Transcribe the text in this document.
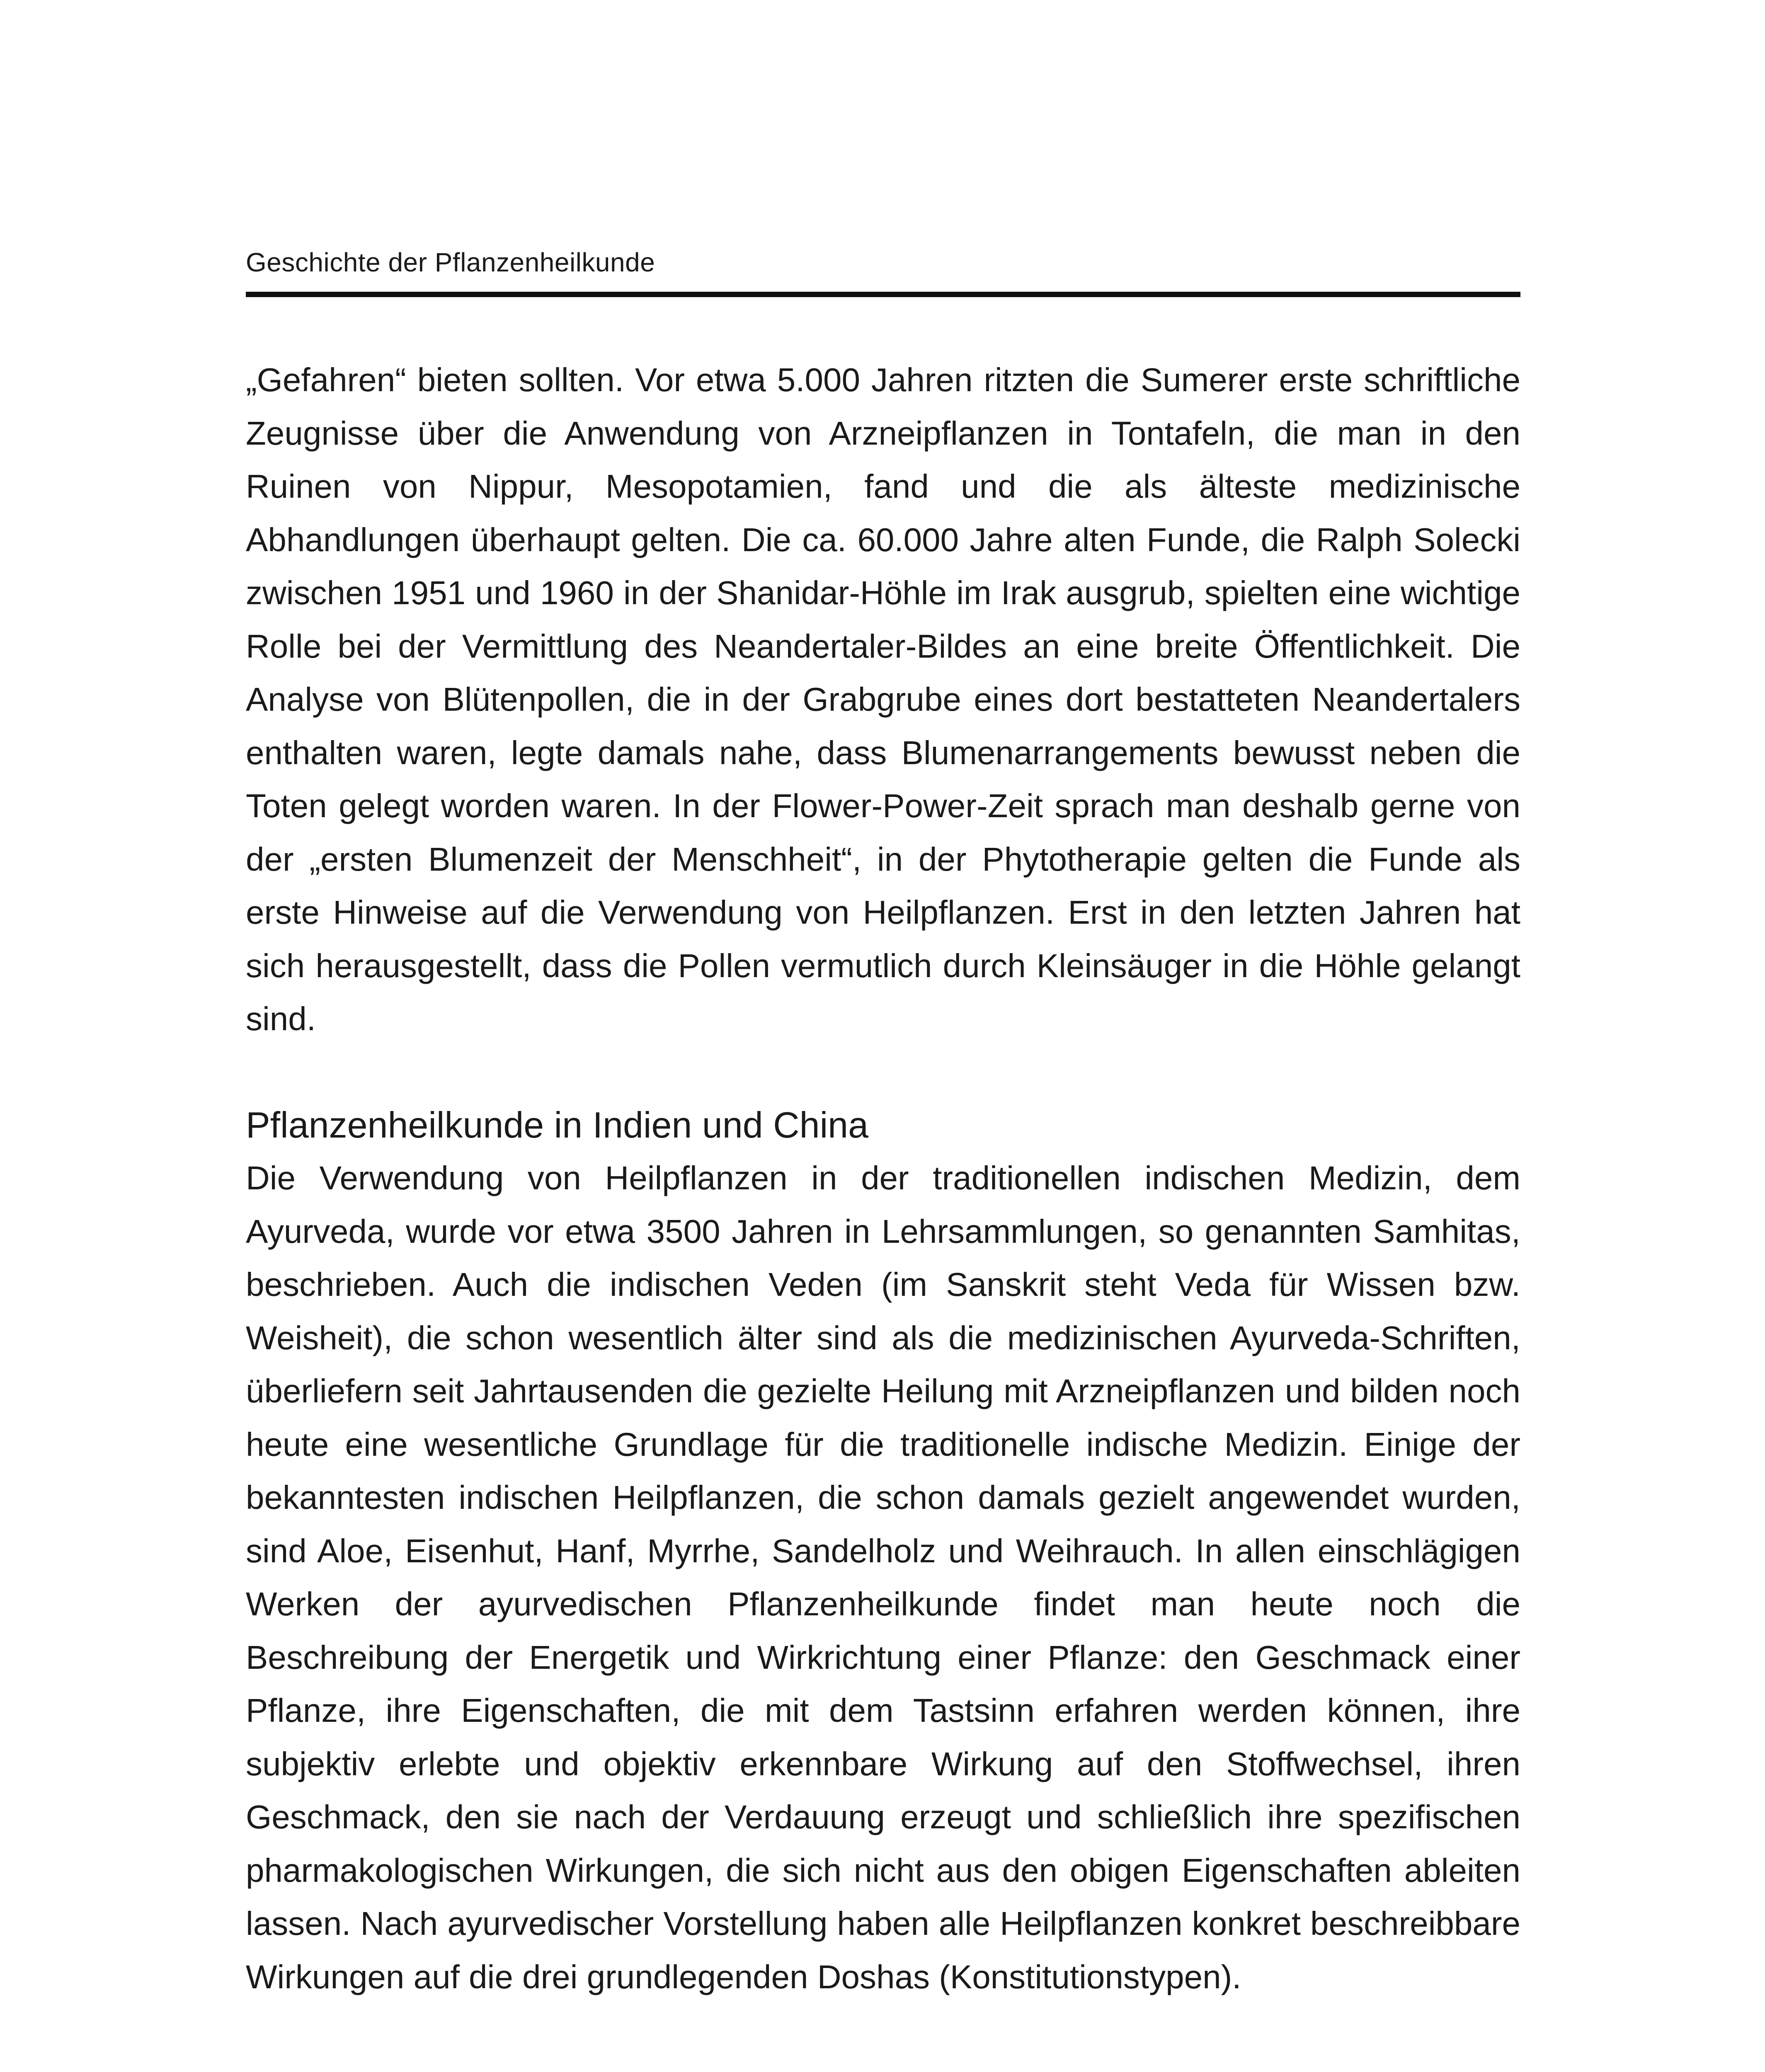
Geschichte der Pflanzenheilkunde

„Gefahren“ bieten sollten. Vor etwa 5.000 Jahren ritzten die Sumerer erste schriftliche Zeugnisse über die Anwendung von Arzneipflanzen in Tontafeln, die man in den Ruinen von Nippur, Mesopotamien, fand und die als älteste medizinische Abhandlungen überhaupt gelten. Die ca. 60.000 Jahre alten Funde, die Ralph Solecki zwischen 1951 und 1960 in der Shanidar-Höhle im Irak ausgrub, spielten eine wichtige Rolle bei der Vermittlung des Neandertaler-Bildes an eine breite Öffentlichkeit. Die Analyse von Blütenpollen, die in der Grabgrube eines dort bestatteten Neandertalers enthalten waren, legte damals nahe, dass Blumenarrangements bewusst neben die Toten gelegt worden waren. In der Flower-Power-Zeit sprach man deshalb gerne von der „ersten Blumenzeit der Menschheit“, in der Phytotherapie gelten die Funde als erste Hinweise auf die Verwendung von Heilpflanzen. Erst in den letzten Jahren hat sich herausgestellt, dass die Pollen vermutlich durch Kleinsäuger in die Höhle gelangt sind.

Pflanzenheilkunde in Indien und China

Die Verwendung von Heilpflanzen in der traditionellen indischen Medizin, dem Ayurveda, wurde vor etwa 3500 Jahren in Lehrsammlungen, so genannten Samhitas, beschrieben. Auch die indischen Veden (im Sanskrit steht Veda für Wissen bzw. Weisheit), die schon wesentlich älter sind als die medizinischen Ayurveda-Schriften, überliefern seit Jahrtausenden die gezielte Heilung mit Arzneipflanzen und bilden noch heute eine wesentliche Grundlage für die traditionelle indische Medizin. Einige der bekanntesten indischen Heilpflanzen, die schon damals gezielt angewendet wurden, sind Aloe, Eisenhut, Hanf, Myrrhe, Sandelholz und Weihrauch. In allen einschlägigen Werken der ayurvedischen Pflanzenheilkunde findet man heute noch die Beschreibung der Energetik und Wirkrichtung einer Pflanze: den Geschmack einer Pflanze, ihre Eigenschaften, die mit dem Tastsinn erfahren werden können, ihre subjektiv erlebte und objektiv erkennbare Wirkung auf den Stoffwechsel, ihren Geschmack, den sie nach der Verdauung erzeugt und schließlich ihre spezifischen pharmakologischen Wirkungen, die sich nicht aus den obigen Eigenschaften ableiten lassen. Nach ayurvedischer Vorstellung haben alle Heilpflanzen konkret beschreibbare Wirkungen auf die drei grundlegenden Doshas (Konstitutionstypen).
